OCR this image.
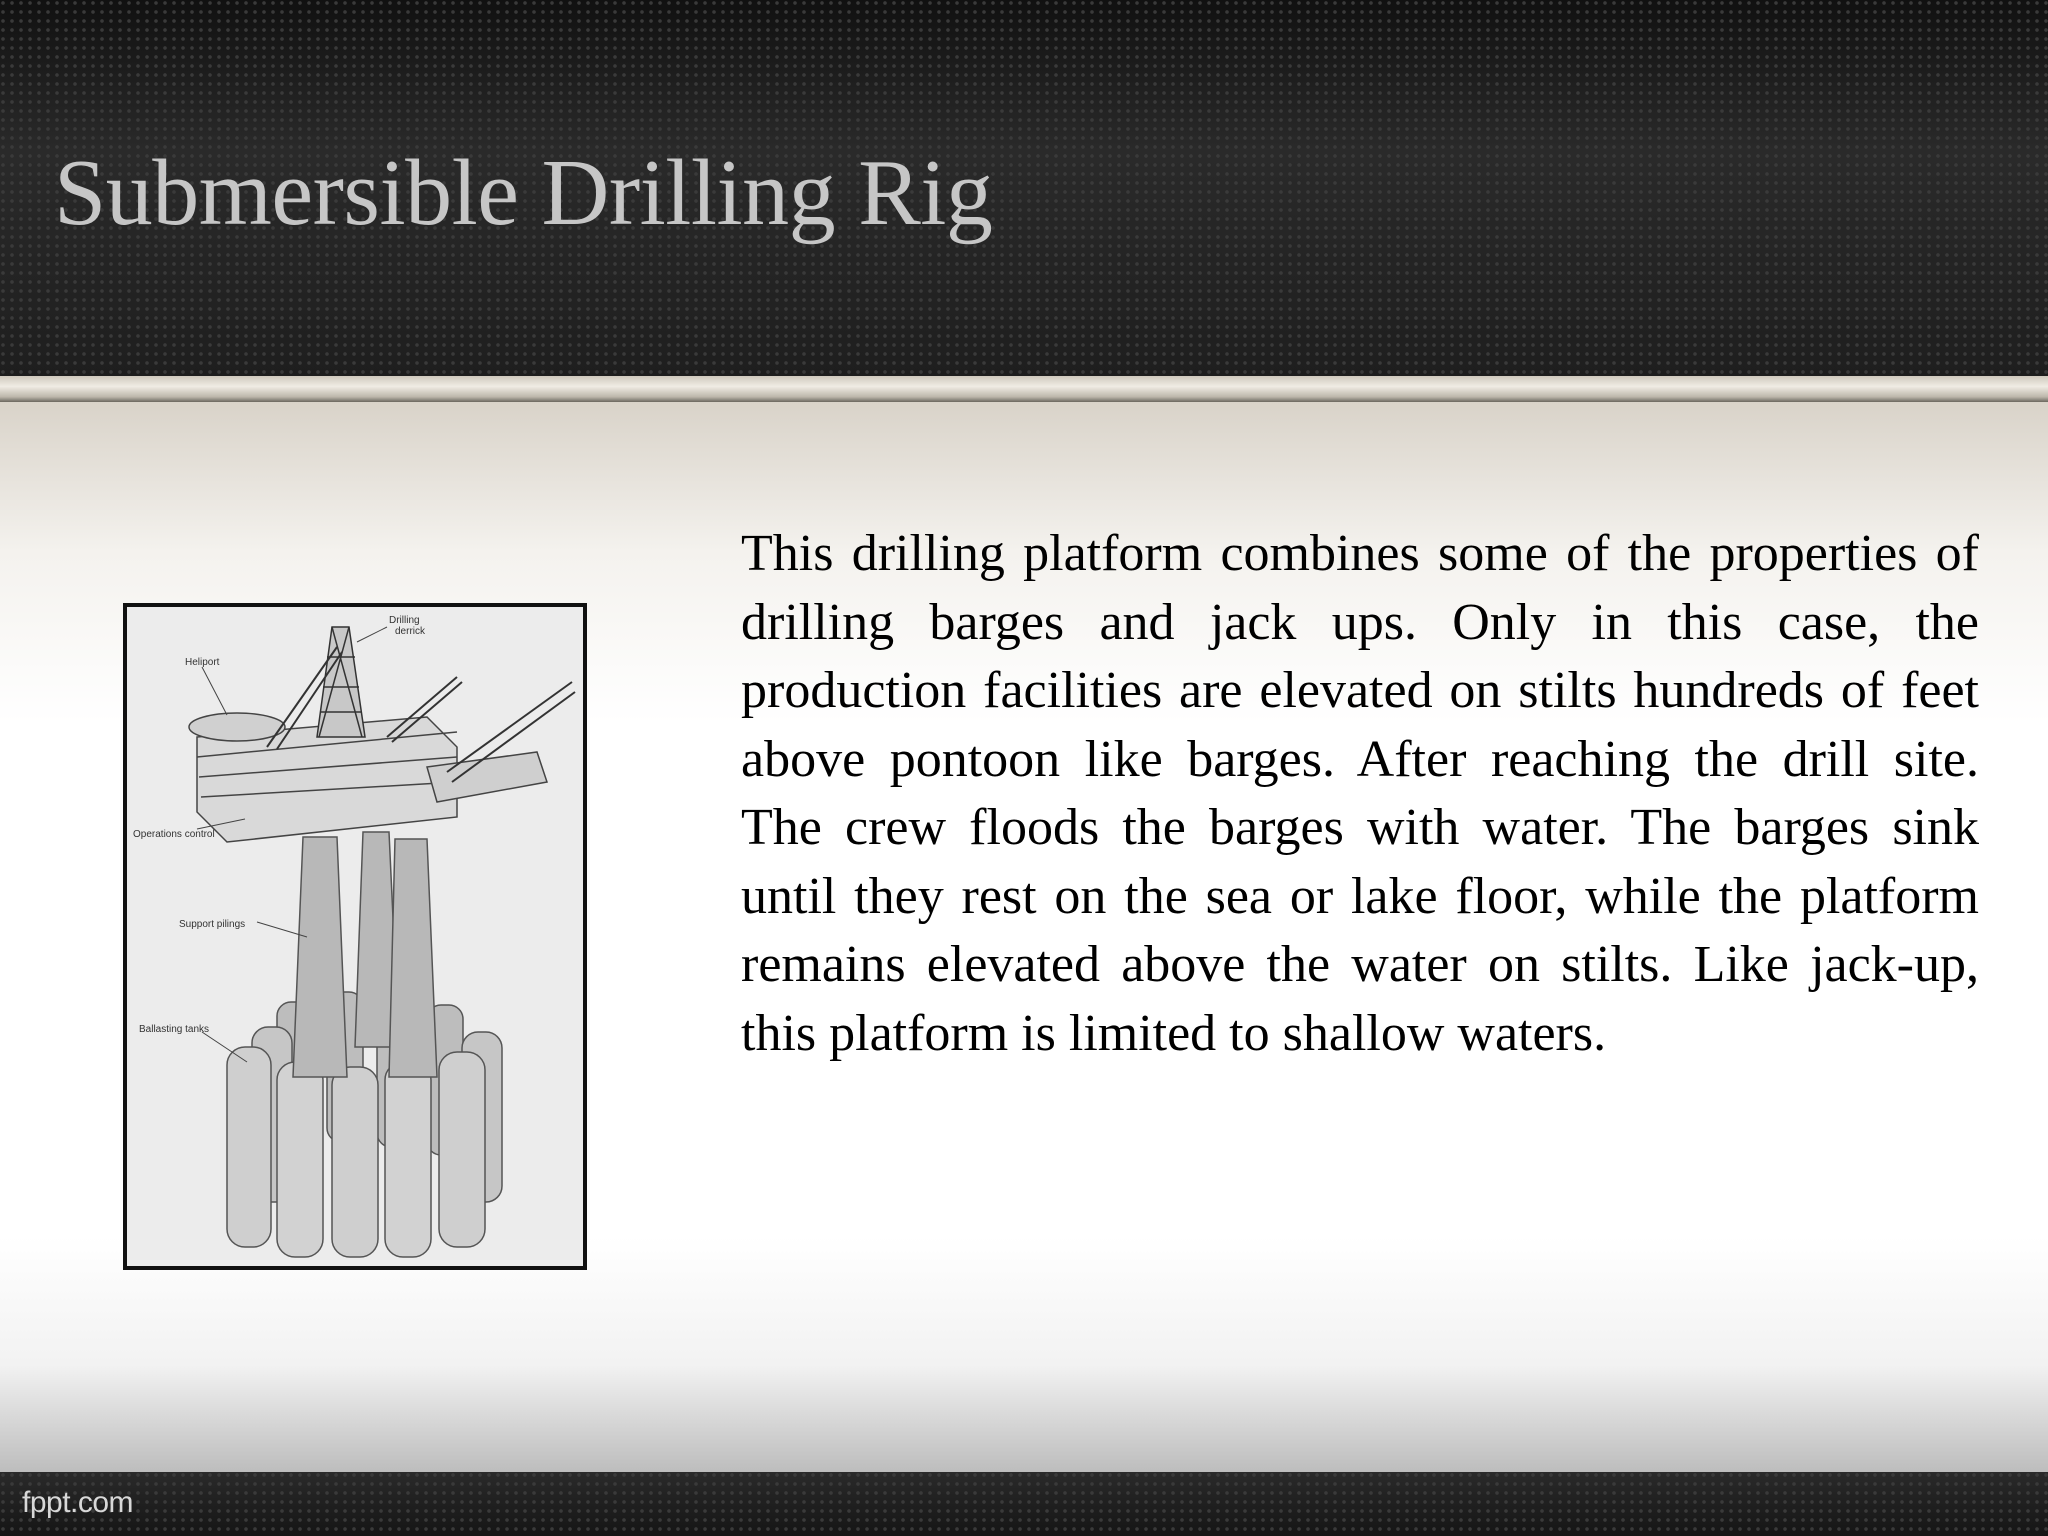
Submersible Drilling Rig
Drilling
derrick
Heliport
Operations control
Support pilings
Ballasting tanks

This drilling platform combines some of the properties of drilling barges and jack ups. Only in this case, the production facilities are elevated on stilts hundreds of feet above pontoon like barges. After reaching the drill site. The crew floods the barges with water. The barges sink until they rest on the sea or lake floor, while the platform remains elevated above the water on stilts. Like jack-up, this platform is limited to shallow waters.

fppt.com
